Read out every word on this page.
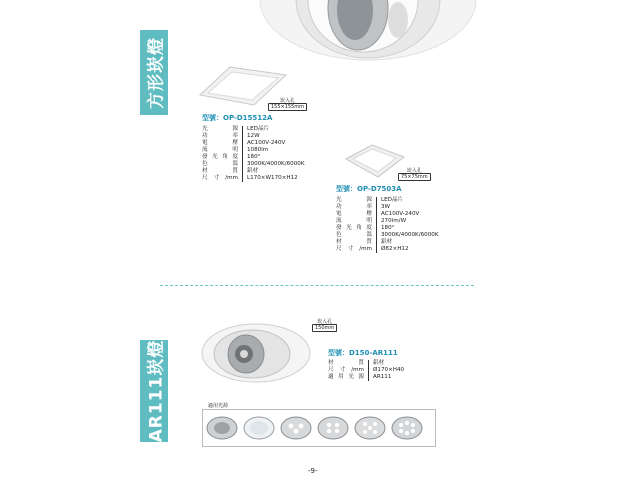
方形崁燈
AR111崁燈
崁入孔
155×155mm
型號：OP-D15512A
光源	LED晶片
功率	12W
電壓	AC100V-240V
流明	1080lm
發光角度	180°
色溫	3000K/4000K/6000K
材質	鋁材
尺寸/mm	L170×W170×H12
崁入孔
75×75mm
型號：OP-D7503A
光源	LED晶片
功率	3W
電壓	AC100V-240V
流明	270lm/W
發光角度	180°
色溫	3000K/4000K/6000K
材質	鋁材
尺寸/mm	Ø82×H12
崁入孔
150mm
型號：D150-AR111
材質	鋁材
尺寸/mm	Ø170×H40
適用光源	AR111
適用光源
-9-
